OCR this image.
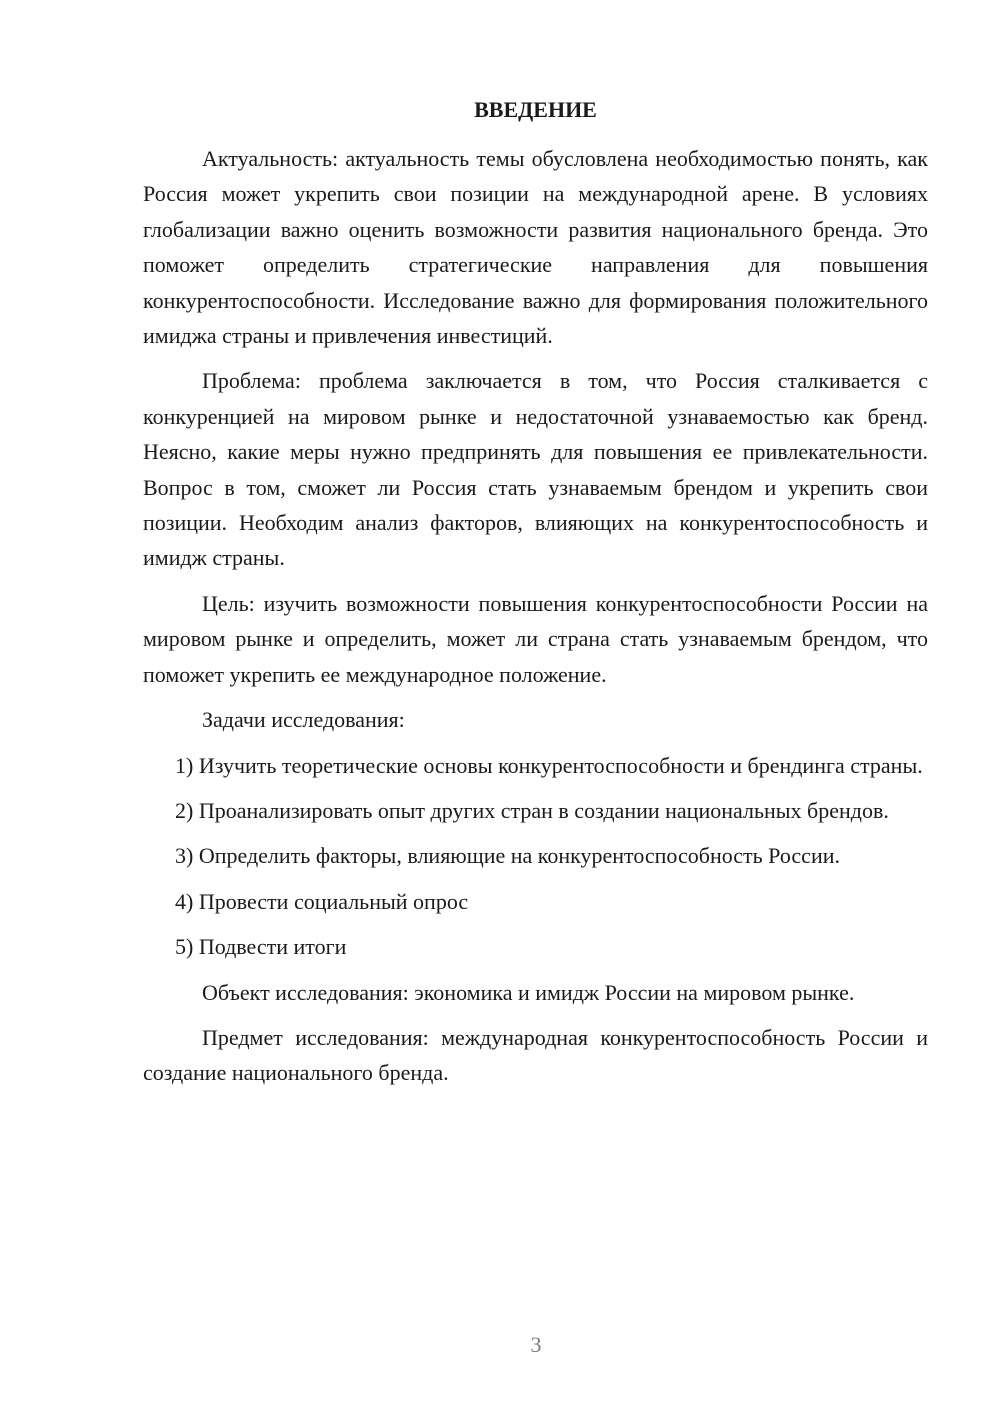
ВВЕДЕНИЕ

Актуальность: актуальность темы обусловлена необходимостью понять, как Россия может укрепить свои позиции на международной арене. В условиях глобализации важно оценить возможности развития национального бренда. Это поможет определить стратегические направления для повышения конкурентоспособности. Исследование важно для формирования положительного имиджа страны и привлечения инвестиций.

Проблема: проблема заключается в том, что Россия сталкивается с конкуренцией на мировом рынке и недостаточной узнаваемостью как бренд. Неясно, какие меры нужно предпринять для повышения ее привлекательности. Вопрос в том, сможет ли Россия стать узнаваемым брендом и укрепить свои позиции. Необходим анализ факторов, влияющих на конкурентоспособность и имидж страны.

Цель: изучить возможности повышения конкурентоспособности России на мировом рынке и определить, может ли страна стать узнаваемым брендом, что поможет укрепить ее международное положение.

Задачи исследования:

1) Изучить теоретические основы конкурентоспособности и брендинга страны.

2) Проанализировать опыт других стран в создании национальных брендов.

3) Определить факторы, влияющие на конкурентоспособность России.

4) Провести социальный опрос

5) Подвести итоги

Объект исследования: экономика и имидж России на мировом рынке.

Предмет исследования: международная конкурентоспособность России и создание национального бренда.

3
